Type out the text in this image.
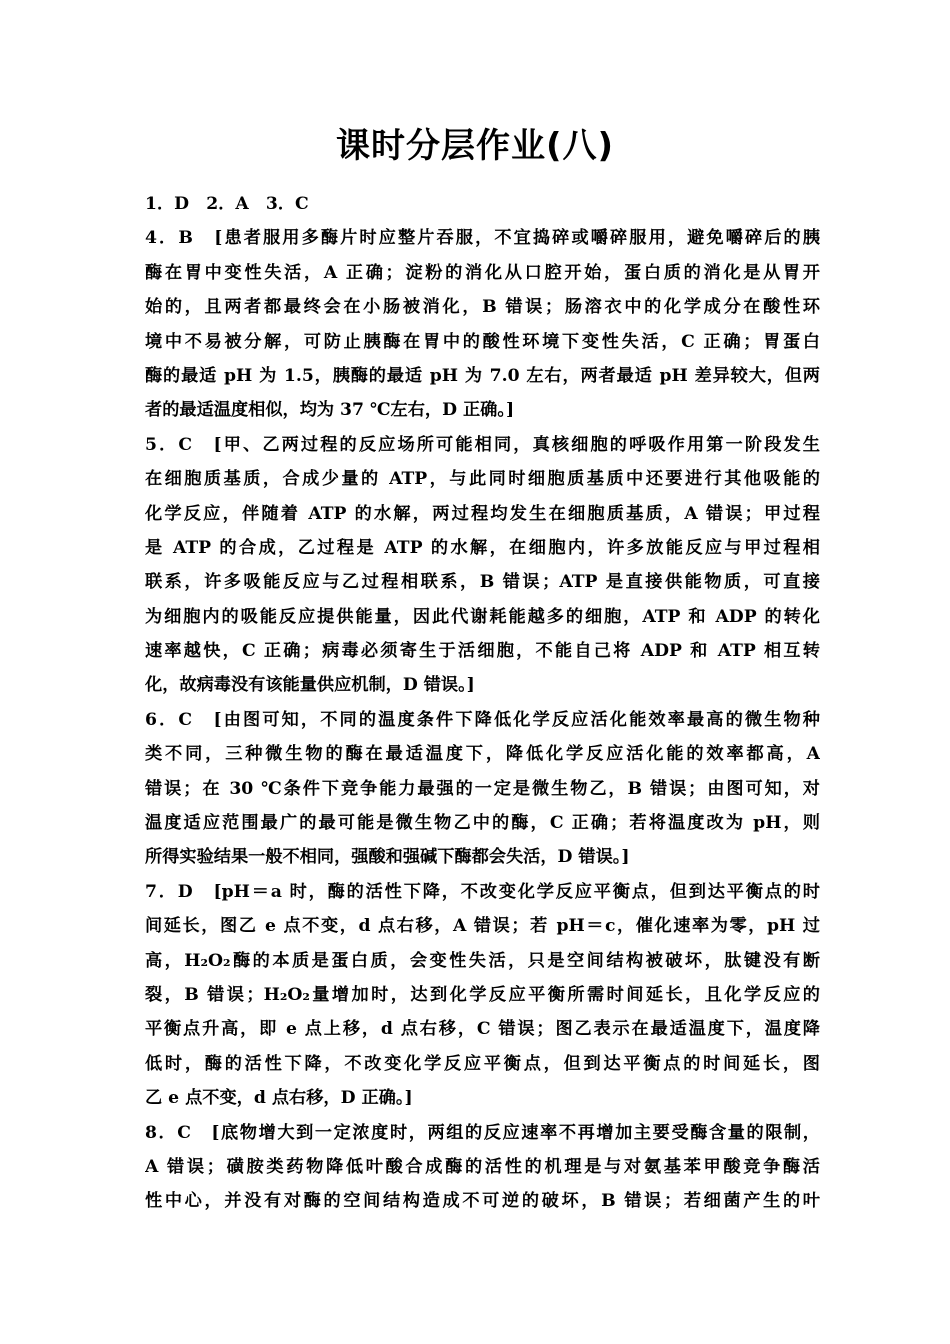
课时分层作业(八)
1．D　2．A　3．C
4．B　[患者服用多酶片时应整片吞服，不宜捣碎或嚼碎服用，避免嚼碎后的胰
酶在胃中变性失活，A 正确；淀粉的消化从口腔开始，蛋白质的消化是从胃开
始的，且两者都最终会在小肠被消化，B 错误；肠溶衣中的化学成分在酸性环
境中不易被分解，可防止胰酶在胃中的酸性环境下变性失活，C 正确；胃蛋白
酶的最适 pH 为 1.5，胰酶的最适 pH 为 7.0 左右，两者最适 pH 差异较大，但两
者的最适温度相似，均为 37 ℃左右，D 正确。]
5．C　[甲、乙两过程的反应场所可能相同，真核细胞的呼吸作用第一阶段发生
在细胞质基质，合成少量的 ATP，与此同时细胞质基质中还要进行其他吸能的
化学反应，伴随着 ATP 的水解，两过程均发生在细胞质基质，A 错误；甲过程
是 ATP 的合成，乙过程是 ATP 的水解，在细胞内，许多放能反应与甲过程相
联系，许多吸能反应与乙过程相联系，B 错误；ATP 是直接供能物质，可直接
为细胞内的吸能反应提供能量，因此代谢耗能越多的细胞，ATP 和 ADP 的转化
速率越快，C 正确；病毒必须寄生于活细胞，不能自己将 ADP 和 ATP 相互转
化，故病毒没有该能量供应机制，D 错误。]
6．C　[由图可知，不同的温度条件下降低化学反应活化能效率最高的微生物种
类不同，三种微生物的酶在最适温度下，降低化学反应活化能的效率都高，A
错误；在 30 ℃条件下竞争能力最强的一定是微生物乙，B 错误；由图可知，对
温度适应范围最广的最可能是微生物乙中的酶，C 正确；若将温度改为 pH，则
所得实验结果一般不相同，强酸和强碱下酶都会失活，D 错误。]
7．D　[pH＝a 时，酶的活性下降，不改变化学反应平衡点，但到达平衡点的时
间延长，图乙 e 点不变，d 点右移，A 错误；若 pH＝c，催化速率为零，pH 过
高，H₂O₂酶的本质是蛋白质，会变性失活，只是空间结构被破坏，肽键没有断
裂，B 错误；H₂O₂量增加时，达到化学反应平衡所需时间延长，且化学反应的
平衡点升高，即 e 点上移，d 点右移，C 错误；图乙表示在最适温度下，温度降
低时，酶的活性下降，不改变化学反应平衡点，但到达平衡点的时间延长，图
乙 e 点不变，d 点右移，D 正确。]
8．C　[底物增大到一定浓度时，两组的反应速率不再增加主要受酶含量的限制，
A 错误；磺胺类药物降低叶酸合成酶的活性的机理是与对氨基苯甲酸竞争酶活
性中心，并没有对酶的空间结构造成不可逆的破坏，B 错误；若细菌产生的叶
